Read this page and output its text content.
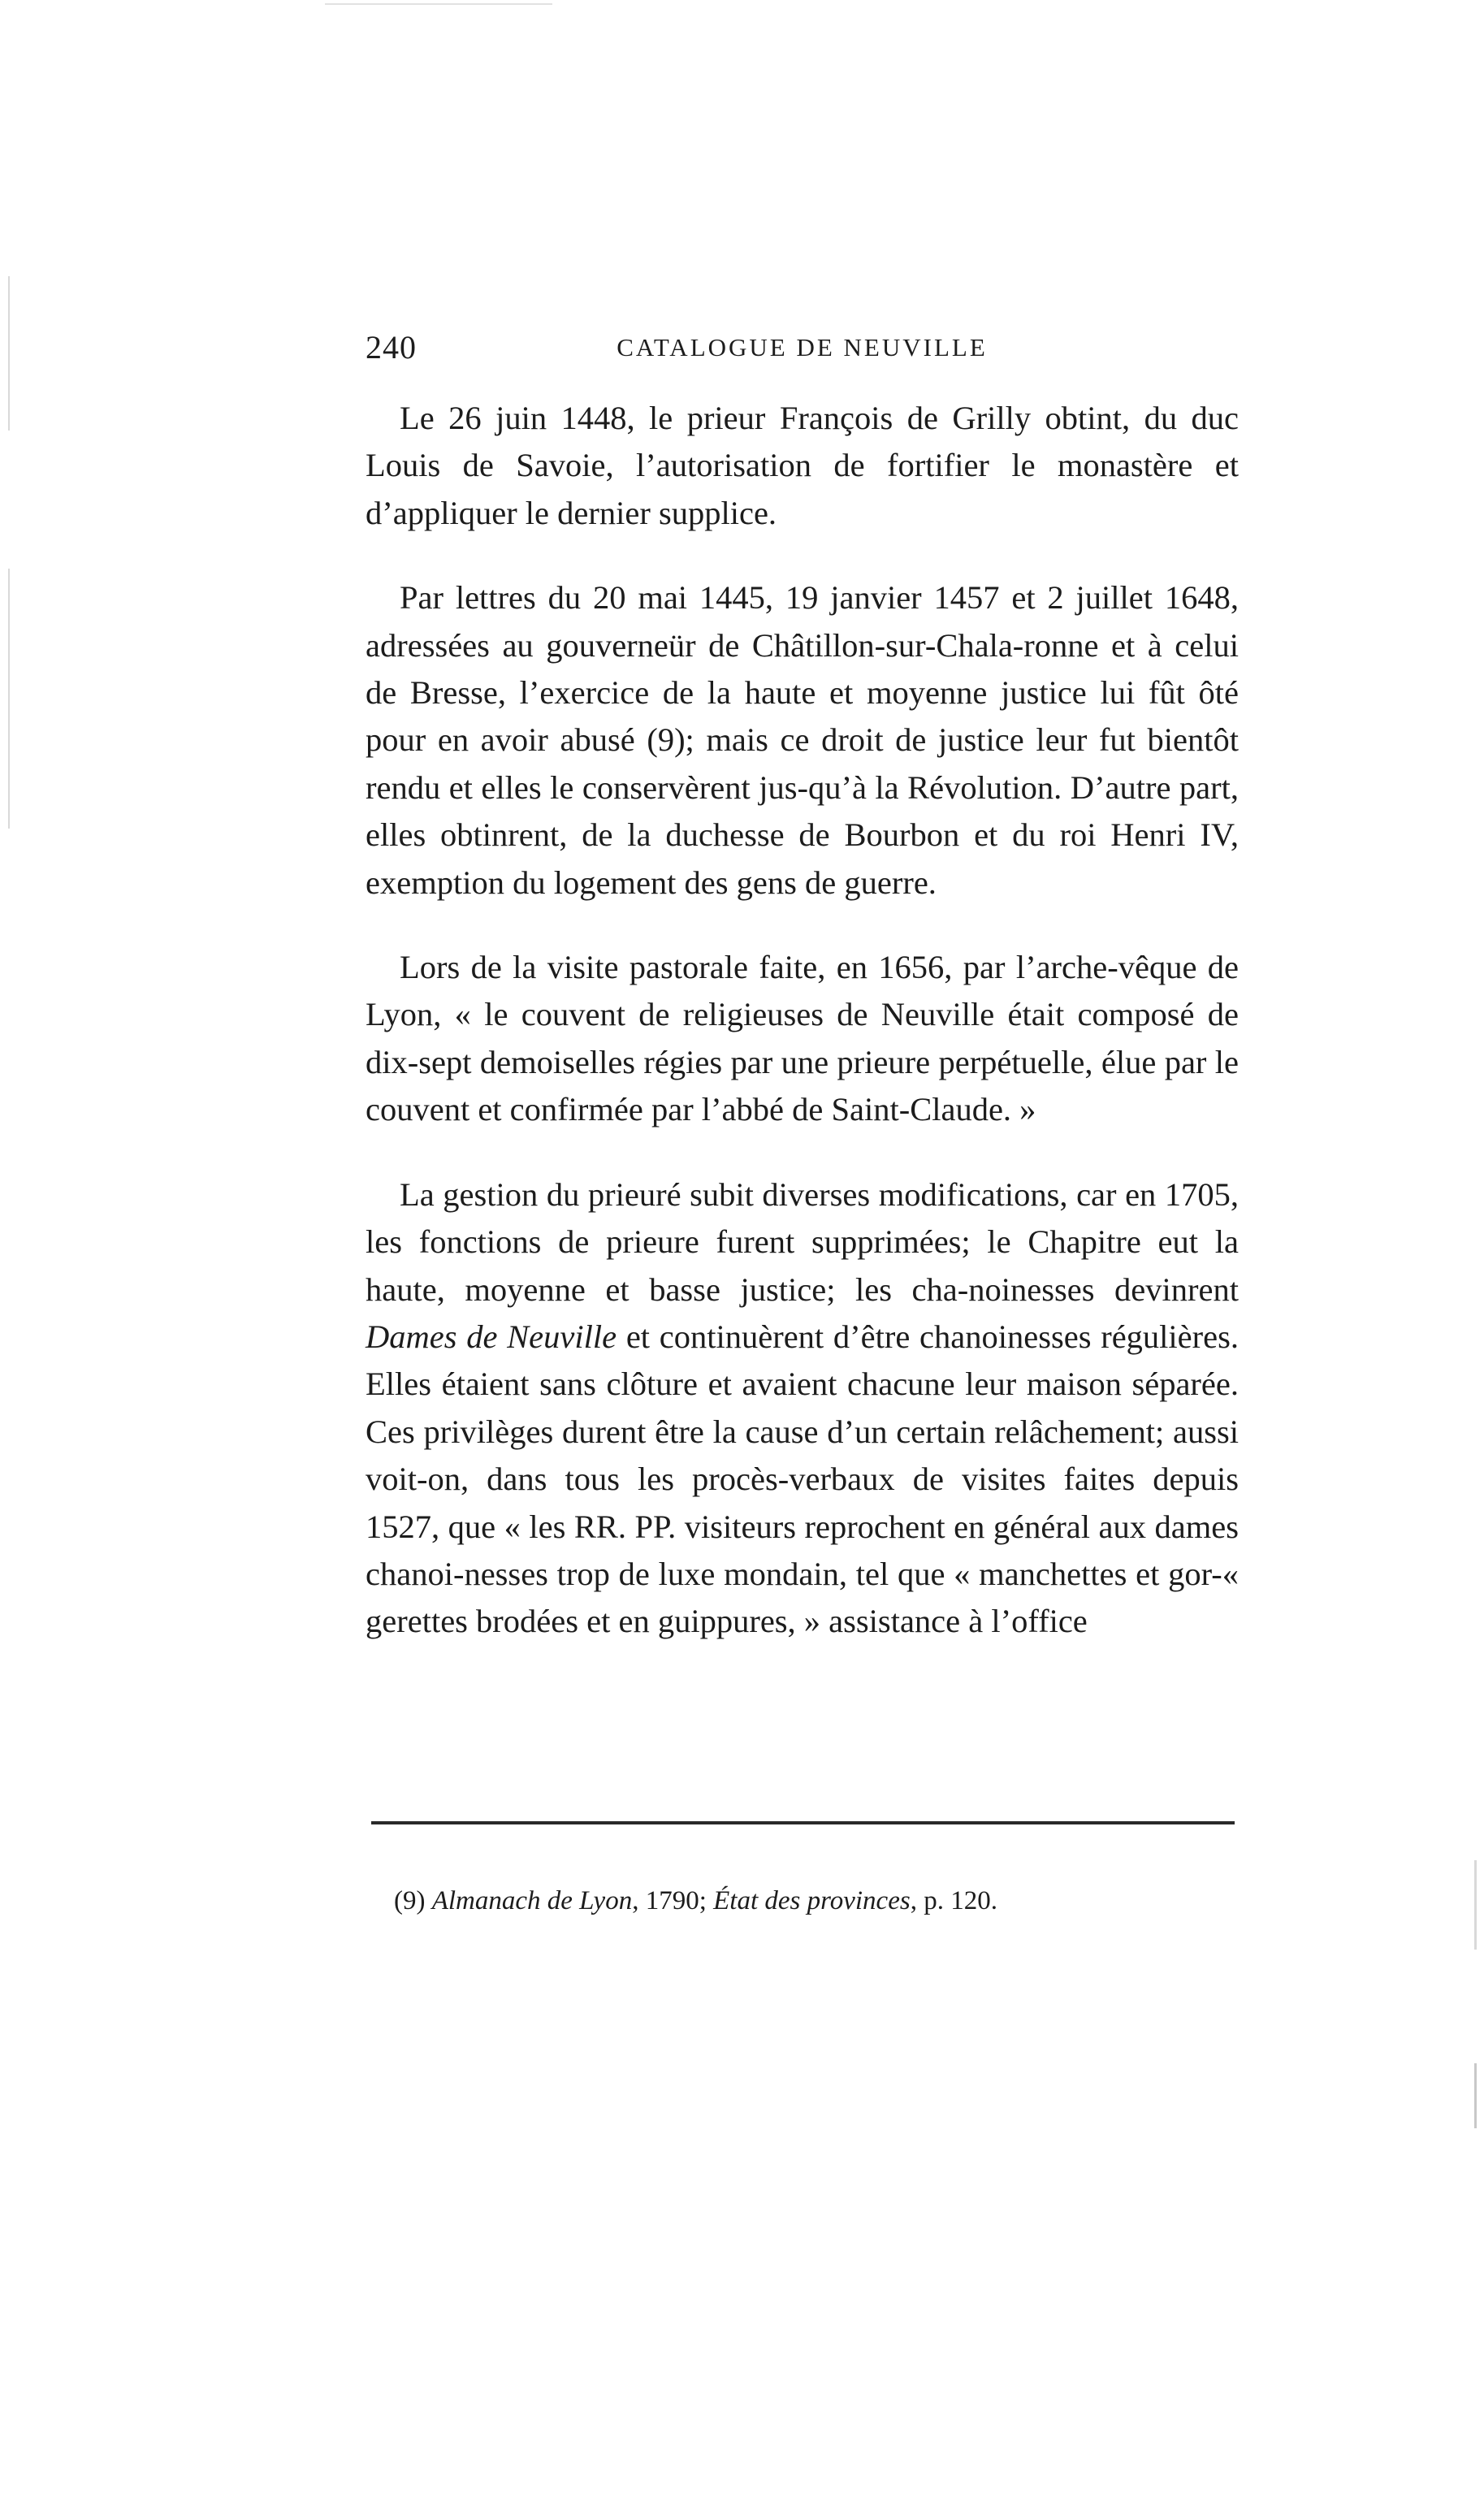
240	CATALOGUE DE NEUVILLE

Le 26 juin 1448, le prieur François de Grilly obtint, du duc Louis de Savoie, l’autorisation de fortifier le monastère et d’appliquer le dernier supplice.

Par lettres du 20 mai 1445, 19 janvier 1457 et 2 juillet 1648, adressées au gouverneür de Châtillon-sur-Chala-ronne et à celui de Bresse, l’exercice de la haute et moyenne justice lui fût ôté pour en avoir abusé (9); mais ce droit de justice leur fut bientôt rendu et elles le conservèrent jus-qu’à la Révolution. D’autre part, elles obtinrent, de la duchesse de Bourbon et du roi Henri IV, exemption du logement des gens de guerre.

Lors de la visite pastorale faite, en 1656, par l’arche-vêque de Lyon, « le couvent de religieuses de Neuville était composé de dix-sept demoiselles régies par une prieure perpétuelle, élue par le couvent et confirmée par l’abbé de Saint-Claude. »

La gestion du prieuré subit diverses modifications, car en 1705, les fonctions de prieure furent supprimées; le Chapitre eut la haute, moyenne et basse justice; les cha-noinesses devinrent Dames de Neuville et continuèrent d’être chanoinesses régulières. Elles étaient sans clôture et avaient chacune leur maison séparée. Ces privilèges durent être la cause d’un certain relâchement; aussi voit-on, dans tous les procès-verbaux de visites faites depuis 1527, que « les RR. PP. visiteurs reprochent en général aux dames chanoi-nesses trop de luxe mondain, tel que « manchettes et gor-« gerettes brodées et en guippures, » assistance à l’office

(9) Almanach de Lyon, 1790; État des provinces, p. 120.
